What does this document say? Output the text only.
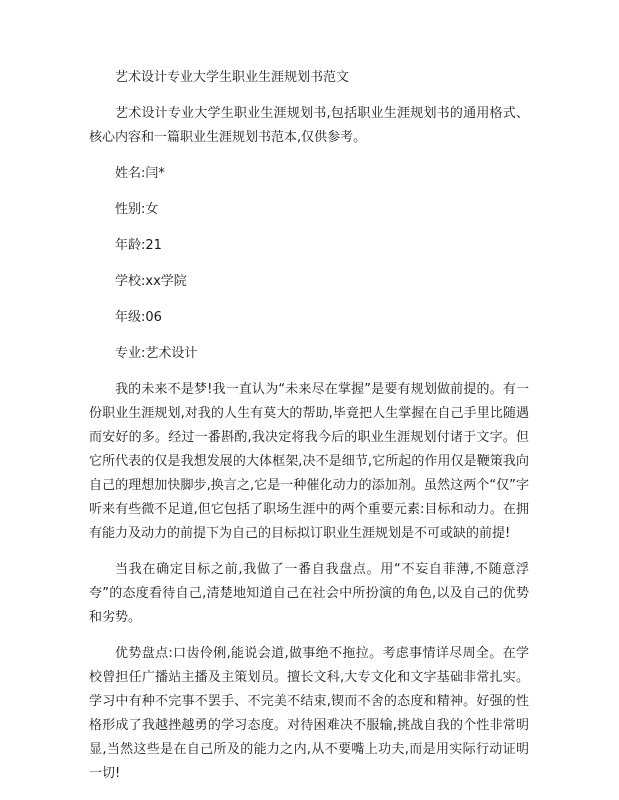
艺术设计专业大学生职业生涯规划书范文

艺术设计专业大学生职业生涯规划书,包括职业生涯规划书的通用格式、核心内容和一篇职业生涯规划书范本,仅供参考。

姓名:闫*

性别:女

年龄:21

学校:xx学院

年级:06

专业:艺术设计

我的未来不是梦!我一直认为“未来尽在掌握”是要有规划做前提的。有一份职业生涯规划,对我的人生有莫大的帮助,毕竟把人生掌握在自己手里比随遇而安好的多。经过一番斟酌,我决定将我今后的职业生涯规划付诸于文字。但它所代表的仅是我想发展的大体框架,决不是细节,它所起的作用仅是鞭策我向自己的理想加快脚步,换言之,它是一种催化动力的添加剂。虽然这两个“仅”字听来有些微不足道,但它包括了职场生涯中的两个重要元素:目标和动力。在拥有能力及动力的前提下为自己的目标拟订职业生涯规划是不可或缺的前提!

当我在确定目标之前,我做了一番自我盘点。用“不妄自菲薄,不随意浮夸”的态度看待自己,清楚地知道自己在社会中所扮演的角色,以及自己的优势和劣势。

优势盘点:口齿伶俐,能说会道,做事绝不拖拉。考虑事情详尽周全。在学校曾担任广播站主播及主策划员。擅长文科,大专文化和文字基础非常扎实。学习中有种不完事不罢手、不完美不结束,锲而不舍的态度和精神。好强的性格形成了我越挫越勇的学习态度。对待困难决不服输,挑战自我的个性非常明显,当然这些是在自己所及的能力之内,从不要嘴上功夫,而是用实际行动证明一切!
